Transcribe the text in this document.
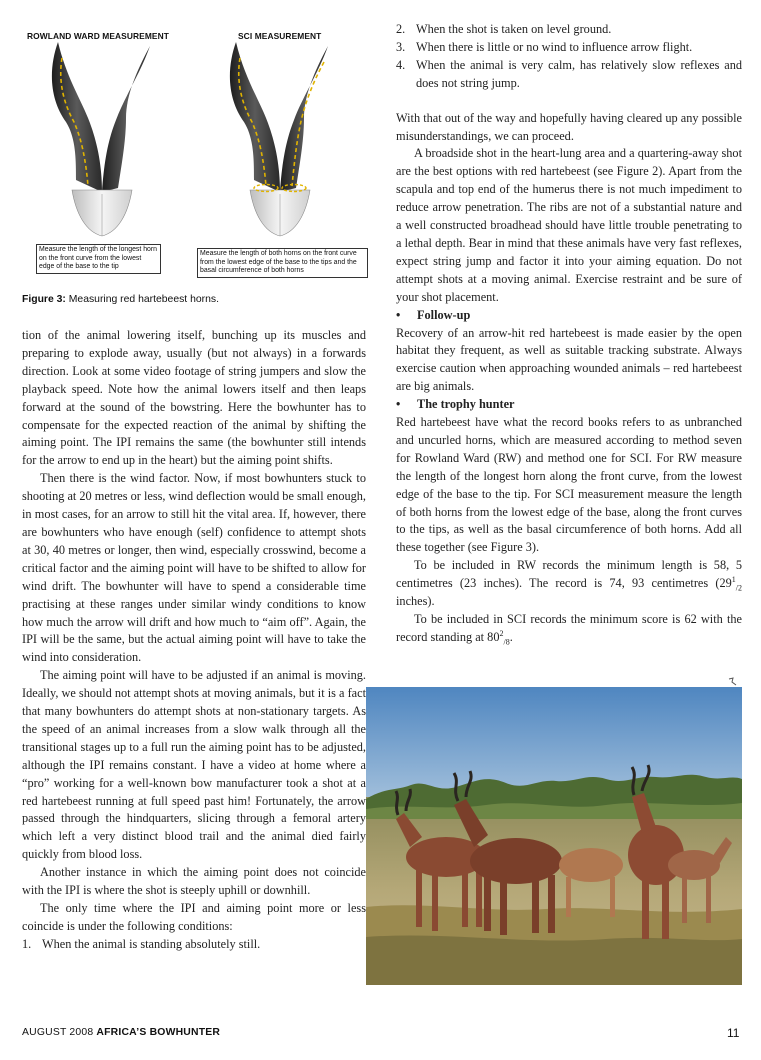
ROWLAND WARD MEASUREMENT	SCI MEASUREMENT
Measure the length of the longest horn on the front curve from the lowest edge of the base to the tip
Measure the length of both horns on the front curve from the lowest edge of the base to the tips and the basal circumference of both horns
Figure 3: Measuring red hartebeest horns.

tion of the animal lowering itself, bunching up its muscles and preparing to explode away, usually (but not always) in a forwards direction. Look at some video footage of string jumpers and slow the playback speed. Note how the animal lowers itself and then leaps forward at the sound of the bowstring. Here the bowhunter has to compensate for the expected reaction of the animal by shifting the aiming point. The IPI remains the same (the bowhunter still intends for the arrow to end up in the heart) but the aiming point shifts.

Then there is the wind factor. Now, if most bowhunters stuck to shooting at 20 metres or less, wind deflection would be small enough, in most cases, for an arrow to still hit the vital area. If, however, there are bowhunters who have enough (self) confidence to attempt shots at 30, 40 metres or longer, then wind, especially crosswind, become a critical factor and the aiming point will have to be shifted to allow for wind drift. The bowhunter will have to spend a considerable time practising at these ranges under similar windy conditions to know how much the arrow will drift and how much to “aim off”. Again, the IPI will be the same, but the actual aiming point will have to take the wind into consideration.

The aiming point will have to be adjusted if an animal is moving. Ideally, we should not attempt shots at moving animals, but it is a fact that many bowhunters do attempt shots at non-stationary targets. As the speed of an animal increases from a slow walk through all the transitional stages up to a full run the aiming point has to be adjusted, although the IPI remains constant. I have a video at home where a “pro” working for a well-known bow manufacturer took a shot at a red hartebeest running at full speed past him! Fortunately, the arrow passed through the hindquarters, slicing through a femoral artery which left a very distinct blood trail and the animal died fairly quickly from blood loss.

Another instance in which the aiming point does not coincide with the IPI is where the shot is steeply uphill or downhill.

The only time where the IPI and aiming point more or less coincide is under the following conditions:

1. When the animal is standing absolutely still.
2. When the shot is taken on level ground.
3. When there is little or no wind to influence arrow flight.
4. When the animal is very calm, has relatively slow reflexes and does not string jump.

With that out of the way and hopefully having cleared up any possible misunderstandings, we can proceed.

A broadside shot in the heart-lung area and a quartering-away shot are the best options with red hartebeest (see Figure 2). Apart from the scapula and top end of the humerus there is not much impediment to reduce arrow penetration. The ribs are not of a substantial nature and a well constructed broadhead should have little trouble penetrating to a lethal depth. Bear in mind that these animals have very fast reflexes, expect string jump and factor it into your aiming equation. Do not attempt shots at a moving animal. Exercise restraint and be sure of your shot placement.

• Follow-up

Recovery of an arrow-hit red hartebeest is made easier by the open habitat they frequent, as well as suitable tracking substrate. Always exercise caution when approaching wounded animals – red hartebeest are big animals.

• The trophy hunter

Red hartebeest have what the record books refers to as unbranched and uncurled horns, which are measured according to method seven for Rowland Ward (RW) and method one for SCI. For RW measure the length of the longest horn along the front curve, from the lowest edge of the base to the tip. For SCI measurement measure the length of both horns from the lowest edge of the base, along the front curves to the tips, as well as the basal circumference of both horns. Add all these together (see Figure 3).

To be included in RW records the minimum length is 58, 5 centimetres (23 inches). The record is 74, 93 centimetres ($29^1_{/2}$ inches).

To be included in SCI records the minimum score is 62 with the record standing at $80^2_{/8}$.

AUGUST 2008 AFRICA’S BOWHUNTER	11
